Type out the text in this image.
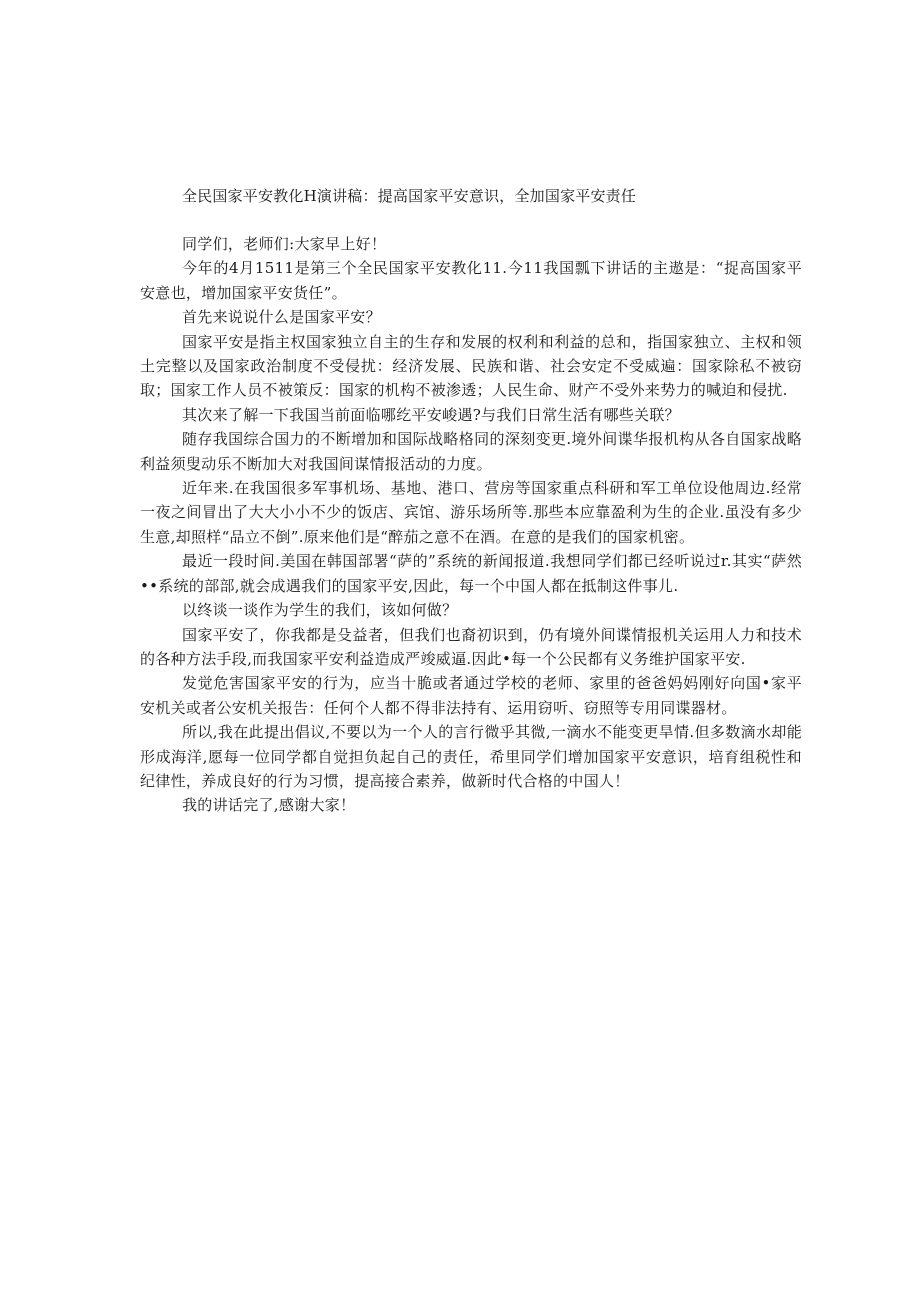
全民国家平安教化H演讲稿：提高国家平安意识，全加国家平安责任

同学们，老师们:大家早上好！

今年的4月1511是第三个全民国家平安教化11.今11我国瓢下讲话的主遨是：“捉高国家平安意也，增加国家平安货任”。

首先来说说什么是国家平安？

国家平安是指主权国家独立自主的生存和发展的权利和利益的总和，指国家独立、主权和领土完整以及国家政治制度不受侵扰：经济发展、民族和谐、社会安定不受威遍：国家除私不被窃取；国家工作人员不被策反：国家的机构不被渗透；人民生命、财产不受外来势力的喊迫和侵扰.

其次来了解一下我国当前面临哪纥平安峻遇?与我们日常生活有哪些关联？

随存我国综合国力的不断增加和国际战略格同的深刻变更.境外间谍华报机构从各自国家战略利益须叟动乐不断加大对我国间谋情报活动的力度。

近年来.在我国很多军事机场、基地、港口、营房等国家重点科研和军工单位设他周边.经常一夜之间冒出了大大小小不少的饭店、宾馆、游乐场所等.那些本应靠盈利为生的企业.虽没有多少生意,却照样“品立不倒”.原来他们是“醉茄之意不在酒。在意的是我们的国家机密。

最近一段时间.美国在韩国部署“萨的”系统的新闻报道.我想同学们都已经听说过r.其实“萨然••系统的部部,就会成遇我们的国家平安,因此，每一个中国人都在抵制这件事儿.

以终谈一谈作为学生的我们，该如何做？

国家平安了，你我都是殳益者，但我们也裔初识到，仍有境外间谍情报机关运用人力和技术的各种方法手段,而我国家平安利益造成严竣威逼.因此•每一个公民都有义务维护国家平安.

发觉危害国家平安的行为，应当十脆或者通过学校的老师、家里的爸爸妈妈刚好向国•家平安机关或者公安机关报告：任何个人都不得非法持有、运用窃听、窃照等专用同谍器材。

所以,我在此提出倡议,不要以为一个人的言行微乎其微,一滴水不能变更旱情.但多数滴水却能形成海洋,愿每一位同学都自觉担负起自己的责任，希里同学们增加国家平安意识，培育组税性和纪律性，养成良好的行为习惯，提高接合素养，做新时代合格的中国人！

我的讲话完了,感谢大家！
